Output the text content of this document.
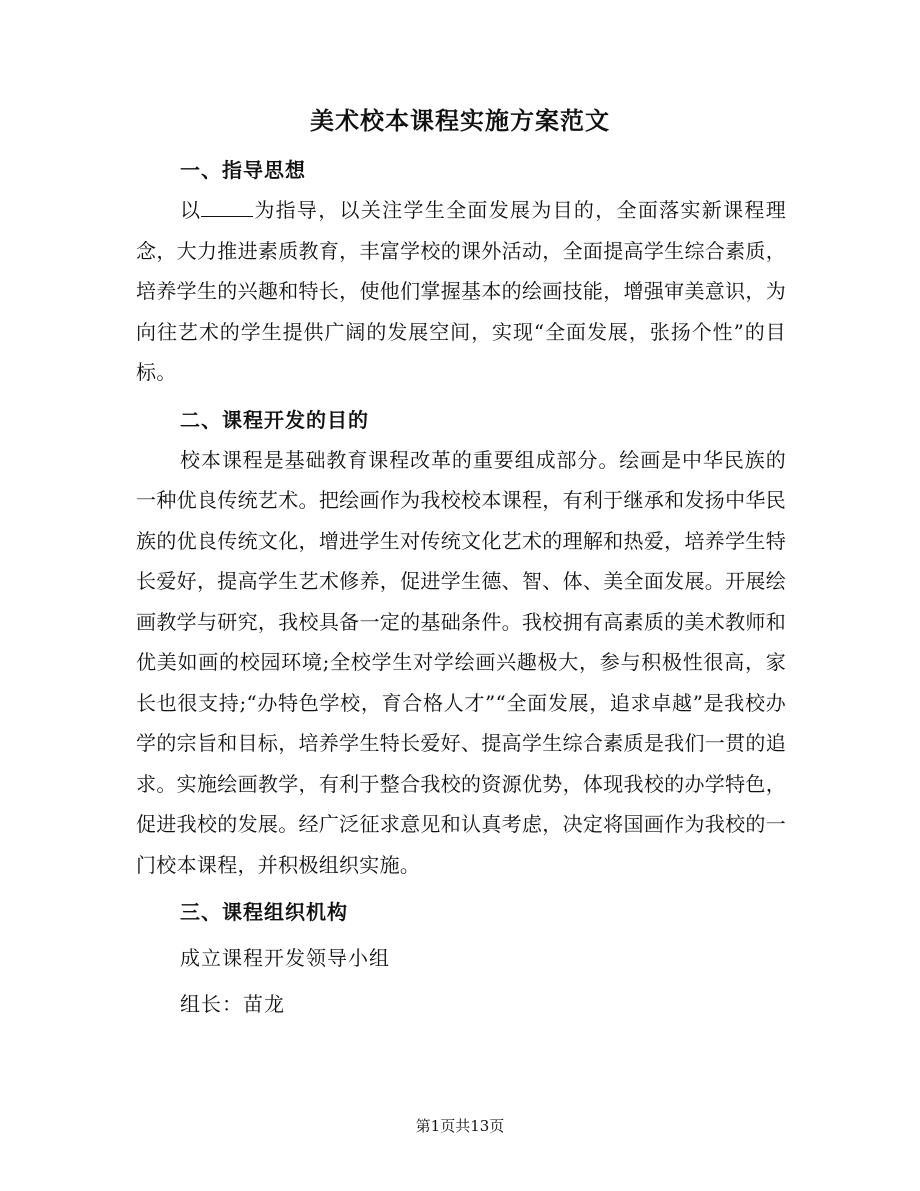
美术校本课程实施方案范文
一、指导思想

以	为指导，以关注学生全面发展为目的，全面落实新课程理念，大力推进素质教育，丰富学校的课外活动，全面提高学生综合素质，培养学生的兴趣和特长，使他们掌握基本的绘画技能，增强审美意识，为向往艺术的学生提供广阔的发展空间，实现“全面发展，张扬个性”的目标。

二、课程开发的目的

校本课程是基础教育课程改革的重要组成部分。绘画是中华民族的一种优良传统艺术。把绘画作为我校校本课程，有利于继承和发扬中华民族的优良传统文化，增进学生对传统文化艺术的理解和热爱，培养学生特长爱好，提高学生艺术修养，促进学生德、智、体、美全面发展。开展绘画教学与研究，我校具备一定的基础条件。我校拥有高素质的美术教师和优美如画的校园环境;全校学生对学绘画兴趣极大，参与积极性很高，家长也很支持;“办特色学校，育合格人才”“全面发展，追求卓越”是我校办学的宗旨和目标，培养学生特长爱好、提高学生综合素质是我们一贯的追求。实施绘画教学，有利于整合我校的资源优势，体现我校的办学特色，促进我校的发展。经广泛征求意见和认真考虑，决定将国画作为我校的一门校本课程，并积极组织实施。

三、课程组织机构
成立课程开发领导小组
组长：苗龙
第1页共13页
